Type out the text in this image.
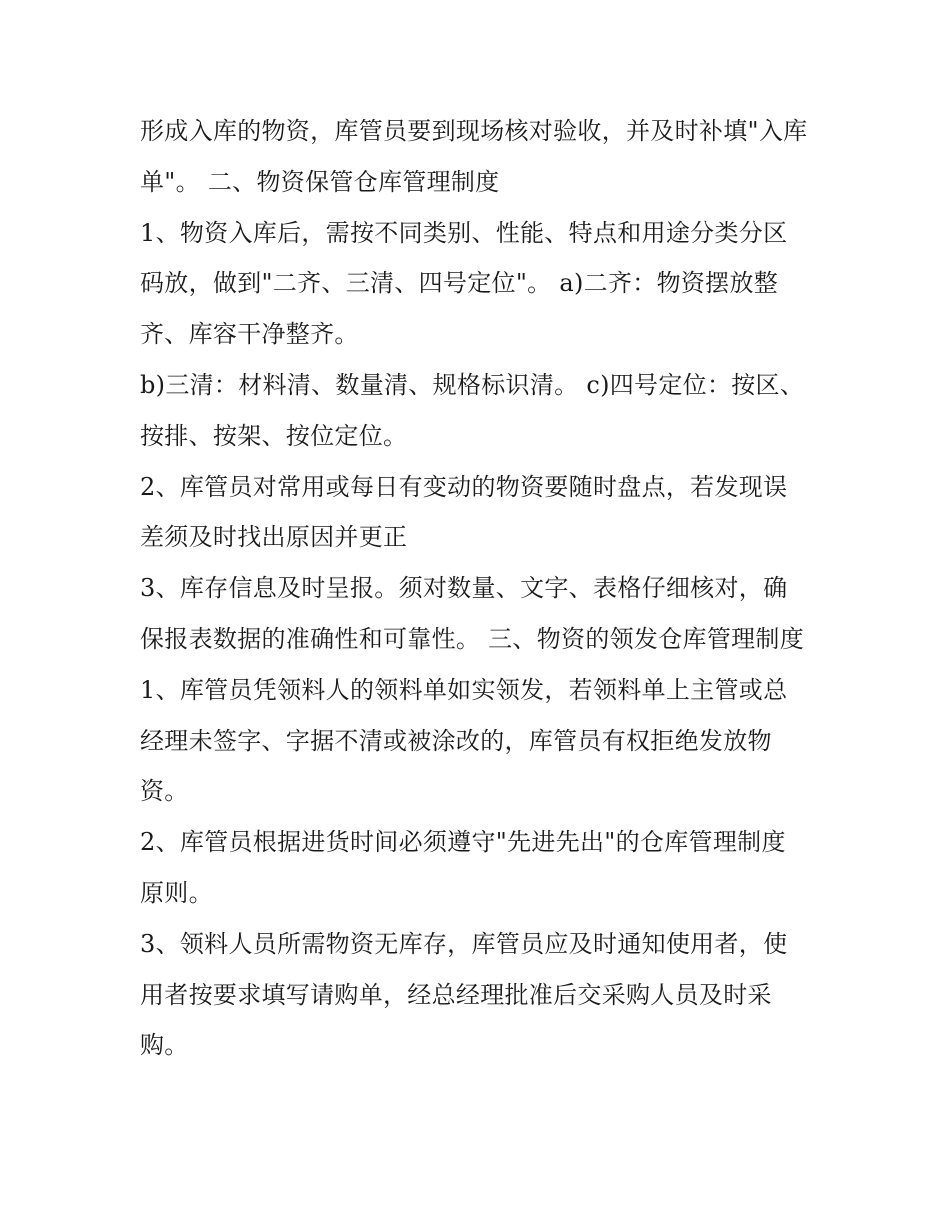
形成入库的物资，库管员要到现场核对验收，并及时补填"入库单"。 二、物资保管仓库管理制度

1、物资入库后，需按不同类别、性能、特点和用途分类分区码放，做到"二齐、三清、四号定位"。 a)二齐：物资摆放整齐、库容干净整齐。

b)三清：材料清、数量清、规格标识清。 c)四号定位：按区、按排、按架、按位定位。

2、库管员对常用或每日有变动的物资要随时盘点，若发现误差须及时找出原因并更正

3、库存信息及时呈报。须对数量、文字、表格仔细核对，确保报表数据的准确性和可靠性。 三、物资的领发仓库管理制度

1、库管员凭领料人的领料单如实领发，若领料单上主管或总经理未签字、字据不清或被涂改的，库管员有权拒绝发放物资。

2、库管员根据进货时间必须遵守"先进先出"的仓库管理制度原则。

3、领料人员所需物资无库存，库管员应及时通知使用者，使用者按要求填写请购单，经总经理批准后交采购人员及时采购。
